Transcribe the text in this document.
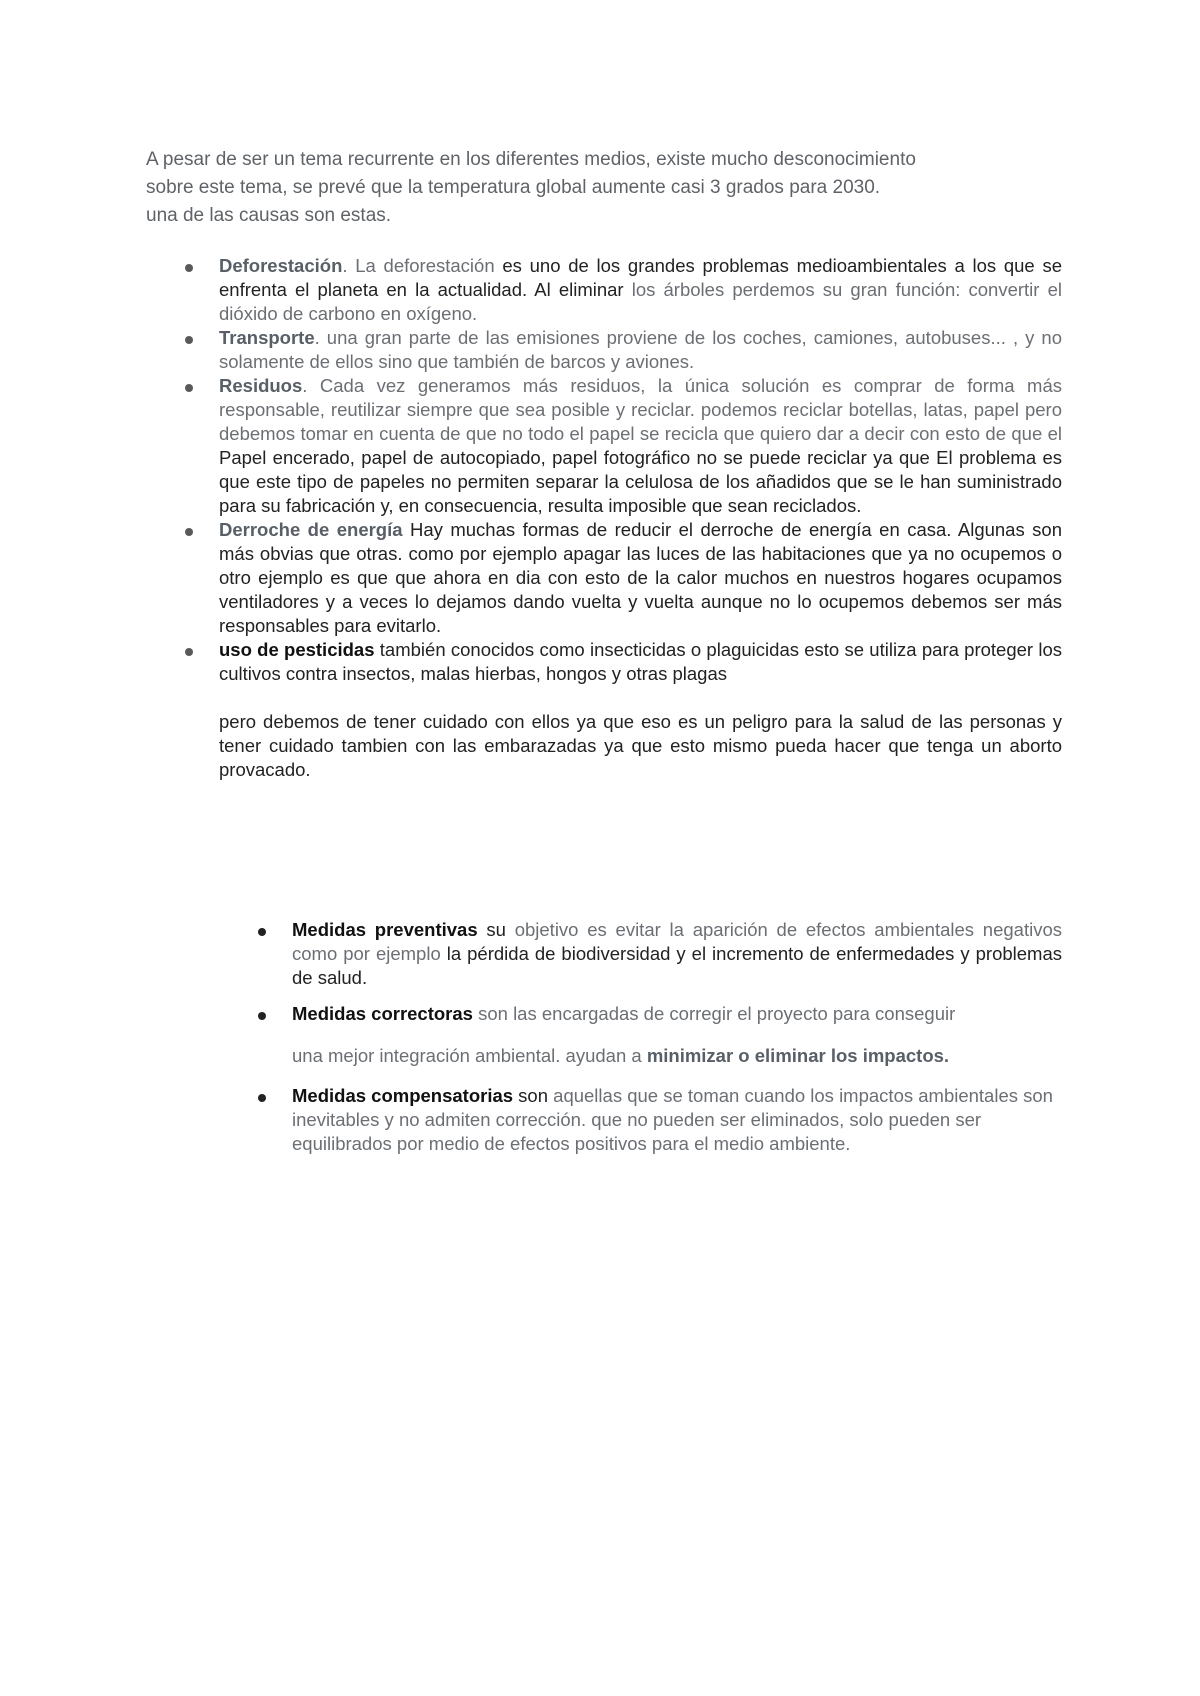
A pesar de ser un tema recurrente en los diferentes medios, existe mucho desconocimiento

sobre este tema, se prevé que la temperatura global aumente casi 3 grados para 2030.

una de las causas son estas.

Deforestación. La deforestación es uno de los grandes problemas medioambientales a los que se enfrenta el planeta en la actualidad. Al eliminar los árboles perdemos su gran función: convertir el dióxido de carbono en oxígeno.
Transporte. una gran parte de las emisiones proviene de los coches, camiones, autobuses... , y no solamente de ellos sino que también de barcos y aviones.
Residuos. Cada vez generamos más residuos, la única solución es comprar de forma más responsable, reutilizar siempre que sea posible y reciclar. podemos reciclar botellas, latas, papel pero debemos tomar en cuenta de que no todo el papel se recicla que quiero dar a decir con esto de que el Papel encerado, papel de autocopiado, papel fotográfico no se puede reciclar ya que El problema es que este tipo de papeles no permiten separar la celulosa de los añadidos que se le han suministrado para su fabricación y, en consecuencia, resulta imposible que sean reciclados.
Derroche de energía Hay muchas formas de reducir el derroche de energía en casa. Algunas son más obvias que otras. como por ejemplo apagar las luces de las habitaciones que ya no ocupemos o otro ejemplo es que que ahora en dia con esto de la calor muchos en nuestros hogares ocupamos ventiladores y a veces lo dejamos dando vuelta y vuelta aunque no lo ocupemos debemos ser más responsables para evitarlo.
uso de pesticidas también conocidos como insecticidas o plaguicidas esto se utiliza para proteger los cultivos contra insectos, malas hierbas, hongos y otras plagas
pero debemos de tener cuidado con ellos ya que eso es un peligro para la salud de las personas y tener cuidado tambien con las embarazadas ya que esto mismo pueda hacer que tenga un aborto provacado.
Medidas preventivas su objetivo es evitar la aparición de efectos ambientales negativos como por ejemplo la pérdida de biodiversidad y el incremento de enfermedades y problemas de salud.
Medidas correctoras son las encargadas de corregir el proyecto para conseguir
una mejor integración ambiental. ayudan a minimizar o eliminar los impactos.
Medidas compensatorias son aquellas que se toman cuando los impactos ambientales son inevitables y no admiten corrección. que no pueden ser eliminados, solo pueden ser equilibrados por medio de efectos positivos para el medio ambiente.
